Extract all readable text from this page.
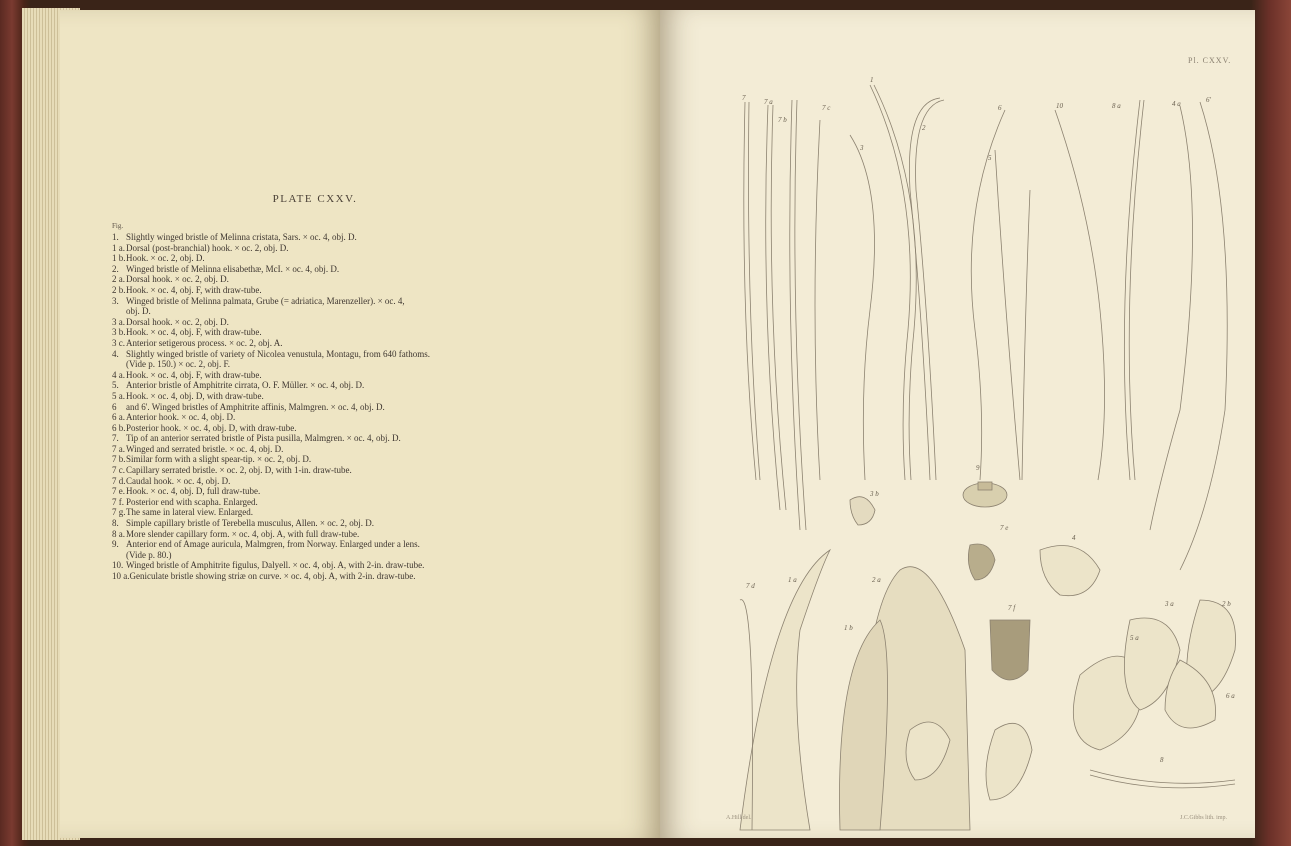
PLATE CXXV.
Fig.
1.Slightly winged bristle of Melinna cristata, Sars. × oc. 4, obj. D.
1 a.Dorsal (post-branchial) hook. × oc. 2, obj. D.
1 b.Hook. × oc. 2, obj. D.
2.Winged bristle of Melinna elisabethæ, McI. × oc. 4, obj. D.
2 a.Dorsal hook. × oc. 2, obj. D.
2 b.Hook. × oc. 4, obj. F, with draw-tube.
3.Winged bristle of Melinna palmata, Grube (= adriatica, Marenzeller). × oc. 4,
obj. D.
3 a.Dorsal hook. × oc. 2, obj. D.
3 b.Hook. × oc. 4, obj. F, with draw-tube.
3 c.Anterior setigerous process. × oc. 2, obj. A.
4.Slightly winged bristle of variety of Nicolea venustula, Montagu, from 640 fathoms.
(Vide p. 150.) × oc. 2, obj. F.
4 a.Hook. × oc. 4, obj. F, with draw-tube.
5.Anterior bristle of Amphitrite cirrata, O. F. Müller. × oc. 4, obj. D.
5 a.Hook. × oc. 4, obj. D, with draw-tube.
6and 6'. Winged bristles of Amphitrite affinis, Malmgren. × oc. 4, obj. D.
6 a.Anterior hook. × oc. 4, obj. D.
6 b.Posterior hook. × oc. 4, obj. D, with draw-tube.
7.Tip of an anterior serrated bristle of Pista pusilla, Malmgren. × oc. 4, obj. D.
7 a.Winged and serrated bristle. × oc. 4, obj. D.
7 b.Similar form with a slight spear-tip. × oc. 2, obj. D.
7 c.Capillary serrated bristle. × oc. 2, obj. D, with 1-in. draw-tube.
7 d.Caudal hook. × oc. 4, obj. D.
7 e.Hook. × oc. 4, obj. D, full draw-tube.
7 f.Posterior end with scapha. Enlarged.
7 g.The same in lateral view. Enlarged.
8.Simple capillary bristle of Terebella musculus, Allen. × oc. 2, obj. D.
8 a.More slender capillary form. × oc. 4, obj. A, with full draw-tube.
9.Anterior end of Amage auricula, Malmgren, from Norway. Enlarged under a lens.
(Vide p. 80.)
10.Winged bristle of Amphitrite figulus, Dalyell. × oc. 4, obj. A, with 2-in. draw-tube.
10 a.Geniculate bristle showing striæ on curve. × oc. 4, obj. A, with 2-in. draw-tube.
7	7 a
7 b
7 c
1
3
2
6
5
10	8 a
6'
4 a
9
3 b
7 e
4
7 f
1 a	2 a
1 b
7 d
5 a
3 a	2 b
6 a
8
Pl. CXXV.
A.Hill del.	J.C.Gibbs lith. imp.
